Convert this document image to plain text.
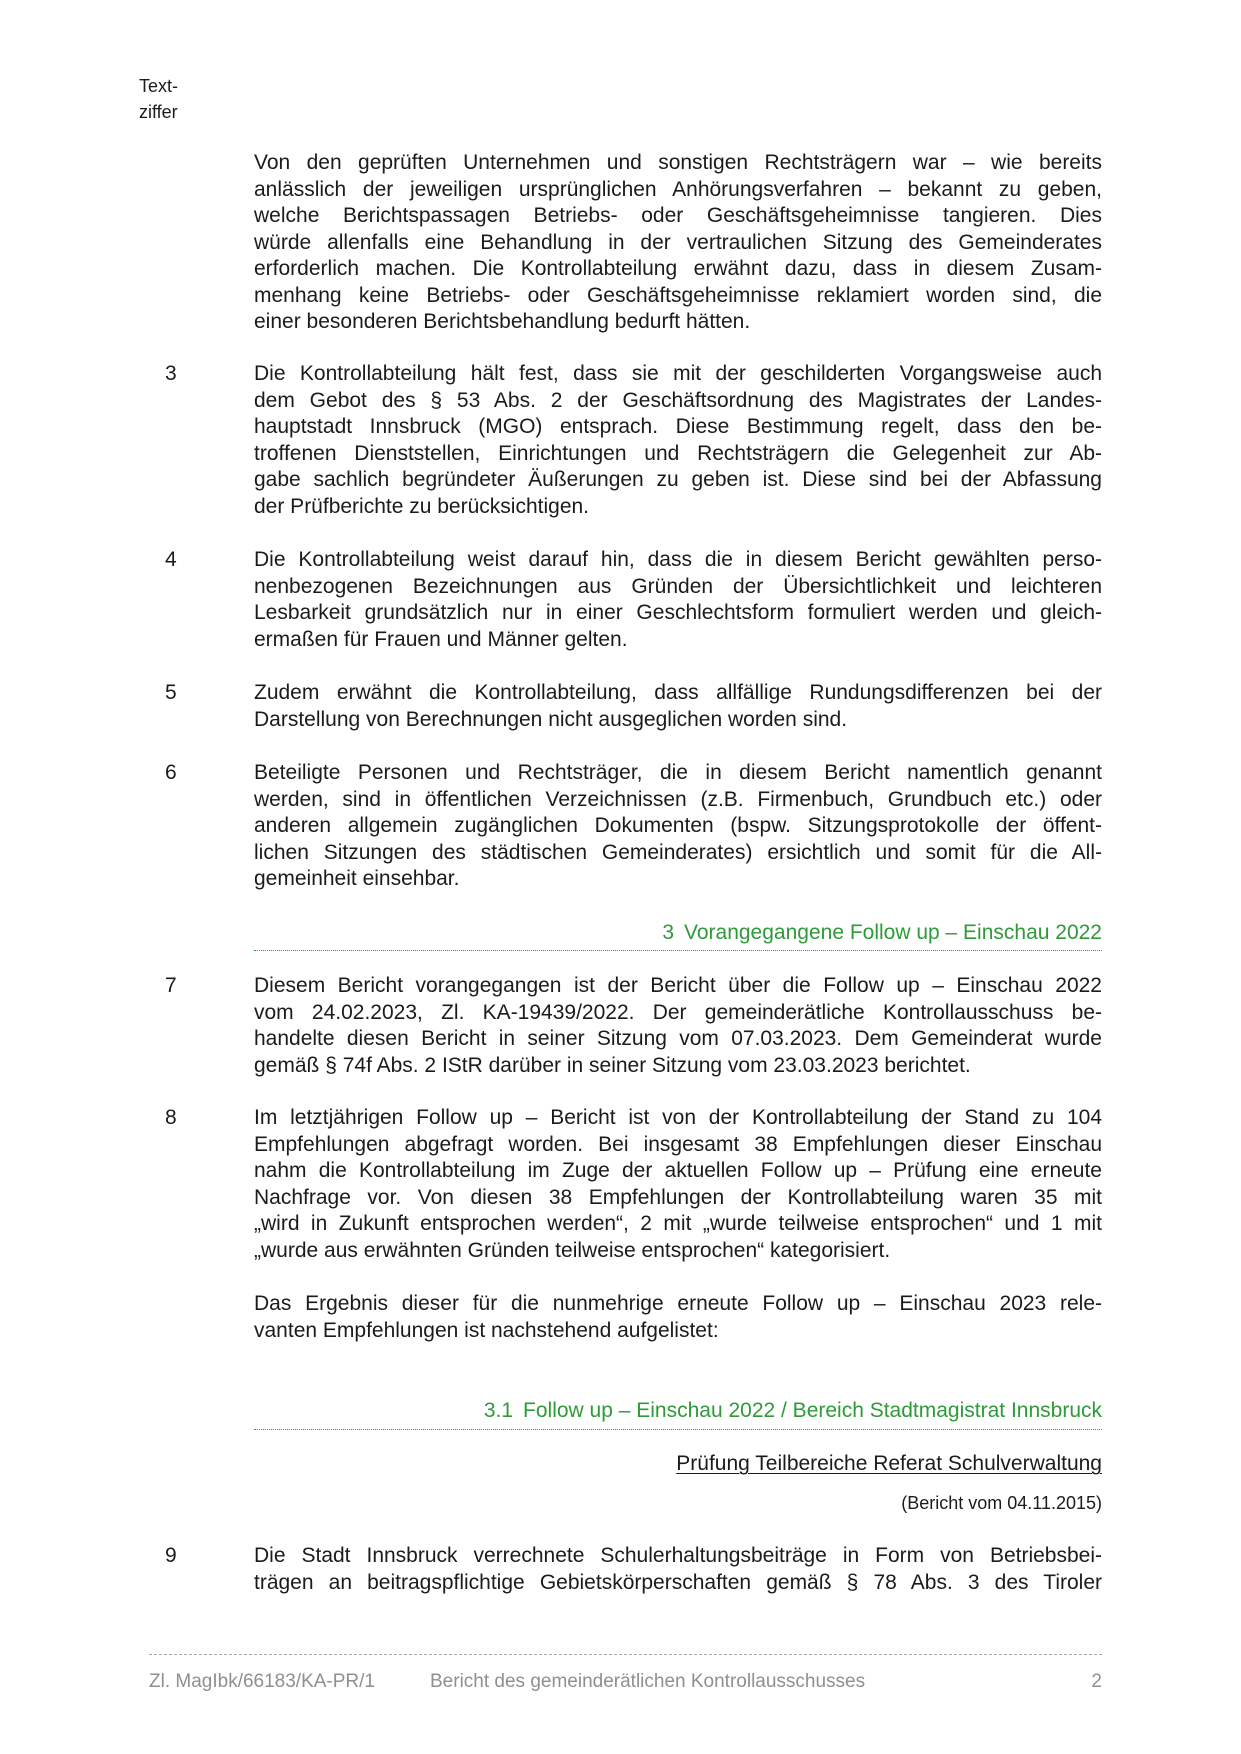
Text-
ziffer
Von den geprüften Unternehmen und sonstigen Rechtsträgern war – wie bereits
anlässlich der jeweiligen ursprünglichen Anhörungsverfahren – bekannt zu geben,
welche Berichtspassagen Betriebs- oder Geschäftsgeheimnisse tangieren. Dies
würde allenfalls eine Behandlung in der vertraulichen Sitzung des Gemeinderates
erforderlich machen. Die Kontrollabteilung erwähnt dazu, dass in diesem Zusam-
menhang keine Betriebs- oder Geschäftsgeheimnisse reklamiert worden sind, die
einer besonderen Berichtsbehandlung bedurft hätten.
3	Die Kontrollabteilung hält fest, dass sie mit der geschilderten Vorgangsweise auch
dem Gebot des § 53 Abs. 2 der Geschäftsordnung des Magistrates der Landes-
hauptstadt Innsbruck (MGO) entsprach. Diese Bestimmung regelt, dass den be-
troffenen Dienststellen, Einrichtungen und Rechtsträgern die Gelegenheit zur Ab-
gabe sachlich begründeter Äußerungen zu geben ist. Diese sind bei der Abfassung
der Prüfberichte zu berücksichtigen.
4	Die Kontrollabteilung weist darauf hin, dass die in diesem Bericht gewählten perso-
nenbezogenen Bezeichnungen aus Gründen der Übersichtlichkeit und leichteren
Lesbarkeit grundsätzlich nur in einer Geschlechtsform formuliert werden und gleich-
ermaßen für Frauen und Männer gelten.
5	Zudem erwähnt die Kontrollabteilung, dass allfällige Rundungsdifferenzen bei der
Darstellung von Berechnungen nicht ausgeglichen worden sind.
6	Beteiligte Personen und Rechtsträger, die in diesem Bericht namentlich genannt
werden, sind in öffentlichen Verzeichnissen (z.B. Firmenbuch, Grundbuch etc.) oder
anderen allgemein zugänglichen Dokumenten (bspw. Sitzungsprotokolle der öffent-
lichen Sitzungen des städtischen Gemeinderates) ersichtlich und somit für die All-
gemeinheit einsehbar.
3 Vorangegangene Follow up – Einschau 2022
7	Diesem Bericht vorangegangen ist der Bericht über die Follow up – Einschau 2022
vom 24.02.2023, Zl. KA-19439/2022. Der gemeinderätliche Kontrollausschuss be-
handelte diesen Bericht in seiner Sitzung vom 07.03.2023. Dem Gemeinderat wurde
gemäß § 74f Abs. 2 IStR darüber in seiner Sitzung vom 23.03.2023 berichtet.
8	Im letztjährigen Follow up – Bericht ist von der Kontrollabteilung der Stand zu 104
Empfehlungen abgefragt worden. Bei insgesamt 38 Empfehlungen dieser Einschau
nahm die Kontrollabteilung im Zuge der aktuellen Follow up – Prüfung eine erneute
Nachfrage vor. Von diesen 38 Empfehlungen der Kontrollabteilung waren 35 mit
„wird in Zukunft entsprochen werden“, 2 mit „wurde teilweise entsprochen“ und 1 mit
„wurde aus erwähnten Gründen teilweise entsprochen“ kategorisiert.
Das Ergebnis dieser für die nunmehrige erneute Follow up – Einschau 2023 rele-
vanten Empfehlungen ist nachstehend aufgelistet:
3.1 Follow up – Einschau 2022 / Bereich Stadtmagistrat Innsbruck
Prüfung Teilbereiche Referat Schulverwaltung
(Bericht vom 04.11.2015)
9	Die Stadt Innsbruck verrechnete Schulerhaltungsbeiträge in Form von Betriebsbei-
trägen an beitragspflichtige Gebietskörperschaften gemäß § 78 Abs. 3 des Tiroler
Zl. MagIbk/66183/KA-PR/1	Bericht des gemeinderätlichen Kontrollausschusses	2
